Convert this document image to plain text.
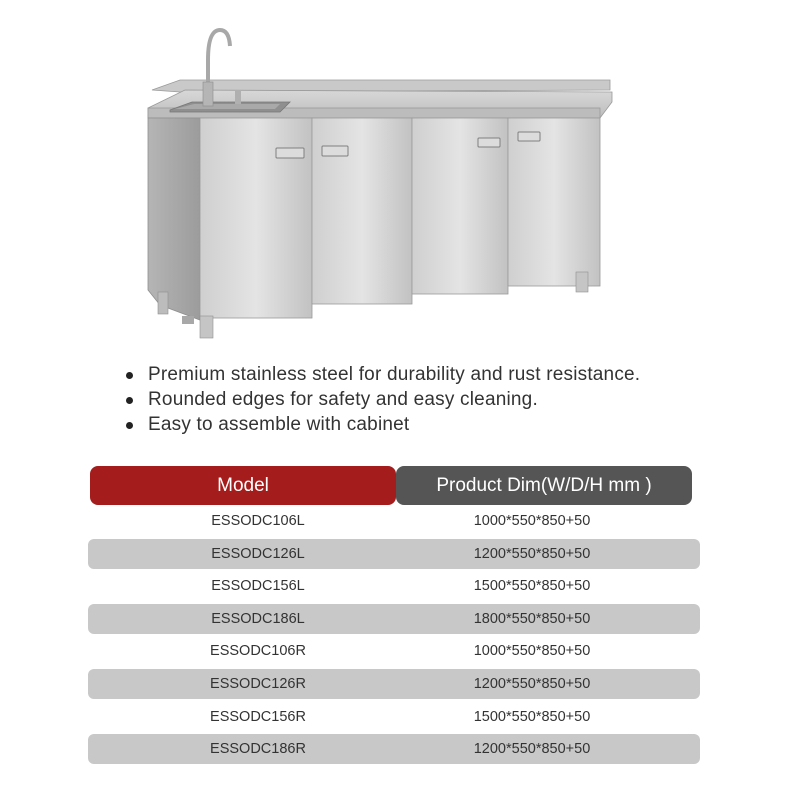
Premium stainless steel for durability and rust resistance.
Rounded edges for safety and easy cleaning.
Easy to assemble with cabinet
Model	Product Dim(W/D/H mm )
ESSODC106L	1000*550*850+50
ESSODC126L	1200*550*850+50
ESSODC156L	1500*550*850+50
ESSODC186L	1800*550*850+50
ESSODC106R	1000*550*850+50
ESSODC126R	1200*550*850+50
ESSODC156R	1500*550*850+50
ESSODC186R	1200*550*850+50
